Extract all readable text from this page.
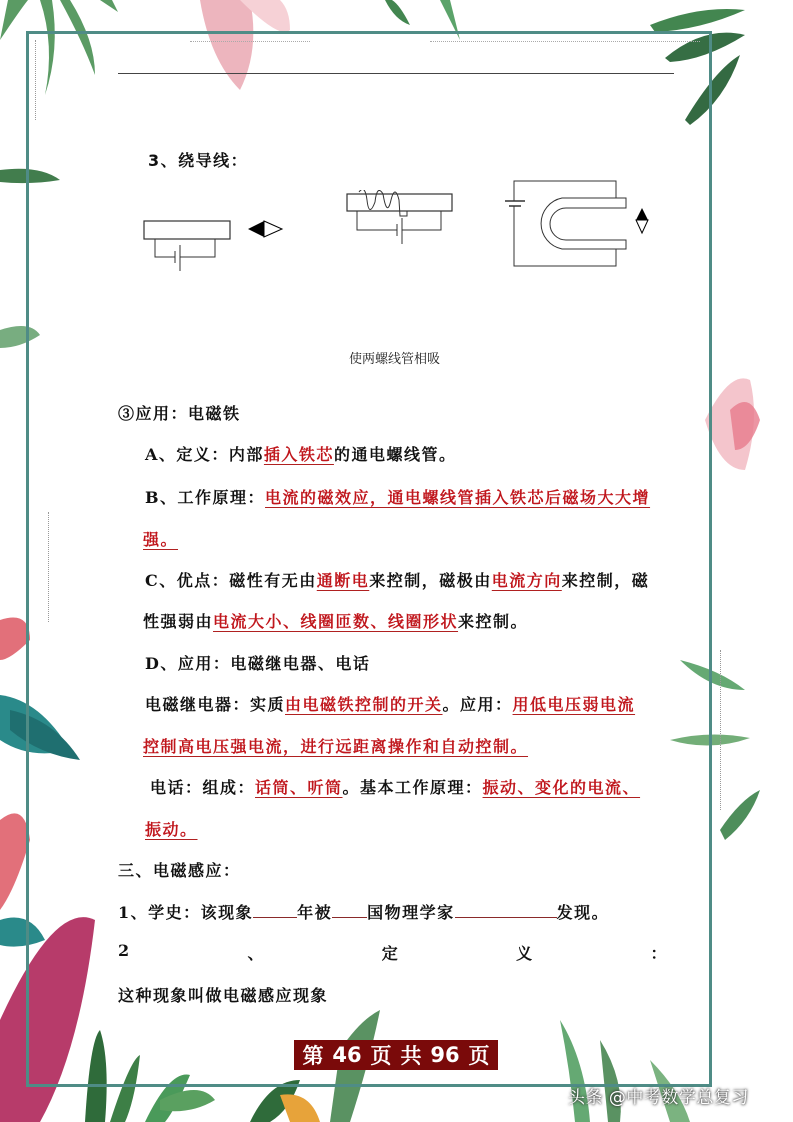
3、绕导线：
使两螺线管相吸
③应用：电磁铁
A、定义：内部插入铁芯的通电螺线管。
B、工作原理：电流的磁效应，通电螺线管插入铁芯后磁场大大增
强。
C、优点：磁性有无由通断电来控制，磁极由电流方向来控制，磁
性强弱由电流大小、线圈匝数、线圈形状来控制。
D、应用：电磁继电器、电话
电磁继电器：实质由电磁铁控制的开关。应用：用低电压弱电流
控制高电压强电流，进行远距离操作和自动控制。
电话：组成：话筒、听筒。基本工作原理：振动、变化的电流、
振动。
三、电磁感应：
1、学史：该现象	年被 国物理学家	发现。
2	、	定	义	：
这种现象叫做电磁感应现象
第 46 页 共 96 页
头条 @中考数学总复习
